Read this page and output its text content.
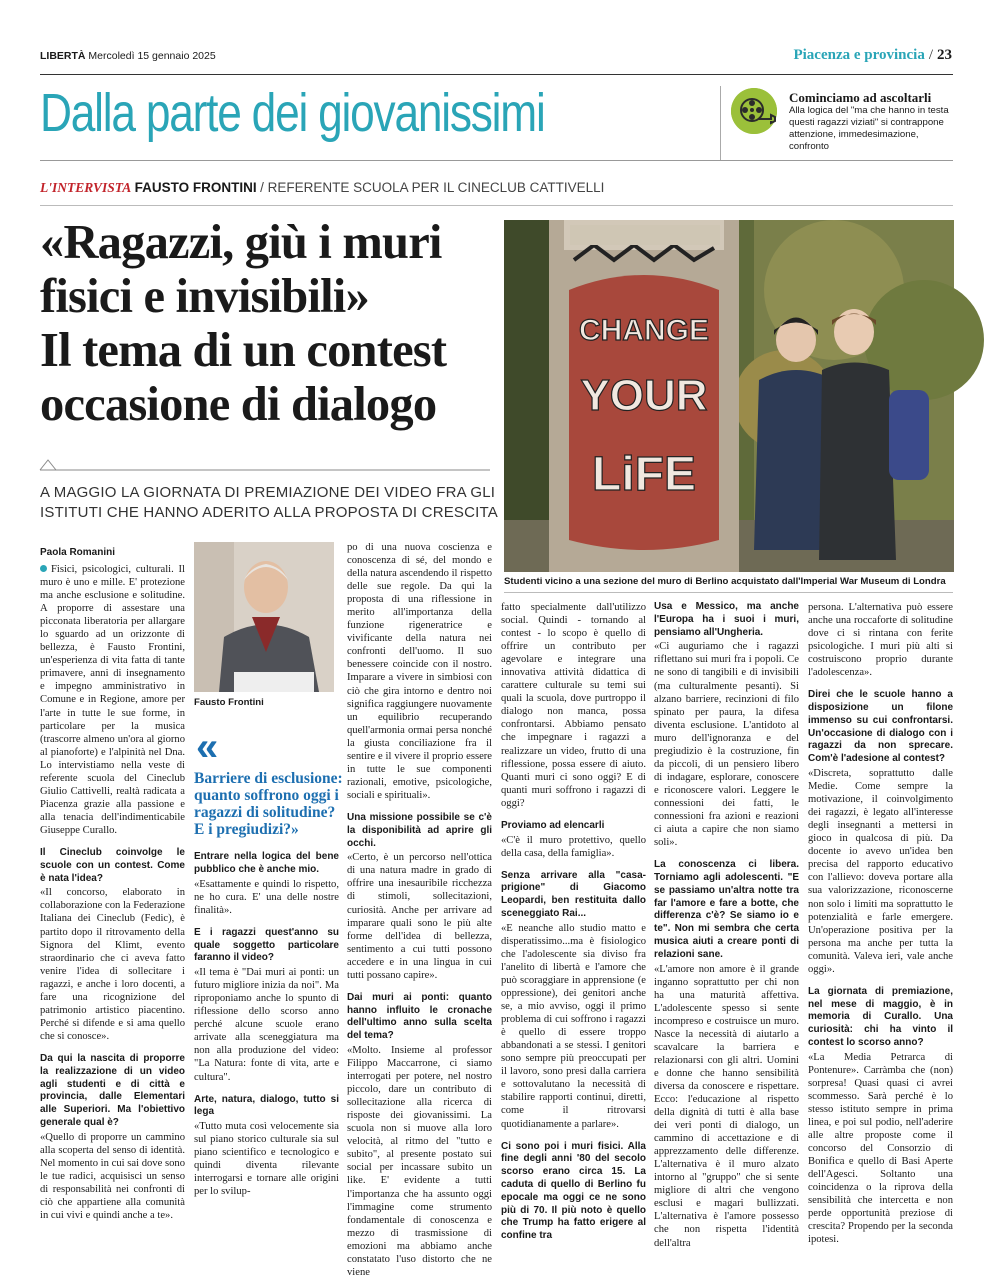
LIBERTÀ Mercoledì 15 gennaio 2025	Piacenza e provincia / 23
Dalla parte dei giovanissimi	Cominciamo ad ascoltarli
Alla logica del "ma che hanno in testa questi ragazzi viziati" si contrappone attenzione, immedesimazione, confronto
L'INTERVISTA FAUSTO FRONTINI / REFERENTE SCUOLA PER IL CINECLUB CATTIVELLI
«Ragazzi, giù i muri
fisici e invisibili»
Il tema di un contest
occasione di dialogo
A MAGGIO LA GIORNATA DI PREMIAZIONE DEI VIDEO FRA GLI ISTITUTI CHE HANNO ADERITO ALLA PROPOSTA DI CRESCITA
CHANGE
YOUR
LiFE
Studenti vicino a una sezione del muro di Berlino acquistato dall'Imperial War Museum di Londra
Fausto Frontini
«
Barriere di esclusione: quanto soffrono oggi i ragazzi di solitudine? E i pregiudizi?»
Paola Romanini

Fisici, psicologici, culturali. Il muro è uno e mille. E' protezione ma anche esclusione e solitudine. A proporre di assestare una picconata liberatoria per allargare lo sguardo ad un orizzonte di bellezza, è Fausto Frontini, un'esperienza di vita fatta di tante primavere, anni di insegnamento e impegno amministrativo in Comune e in Regione, amore per l'arte in tutte le sue forme, in particolare per la musica (trascorre almeno un'ora al giorno al pianoforte) e l'alpinità nel Dna. Lo intervistiamo nella veste di referente scuola del Cineclub Giulio Cattivelli, realtà radicata a Piacenza grazie alla passione e alla tenacia dell'indimenticabile Giuseppe Curallo.

Il Cineclub coinvolge le scuole con un contest. Come è nata l'idea?

«Il concorso, elaborato in collaborazione con la Federazione Italiana dei Cineclub (Fedic), è partito dopo il ritrovamento della Signora del Klimt, evento straordinario che ci aveva fatto venire l'idea di sollecitare i ragazzi, e anche i loro docenti, a fare una ricognizione del patrimonio artistico piacentino. Perché si difende e si ama quello che si conosce».

Da qui la nascita di proporre la realizzazione di un video agli studenti e di città e provincia, dalle Elementari alle Superiori. Ma l'obiettivo generale qual è?

«Quello di proporre un cammino alla scoperta del senso di identità. Nel momento in cui sai dove sono le tue radici, acquisisci un senso di responsabilità nei confronti di ciò che appartiene alla comunità in cui vivi e quindi anche a te».

Entrare nella logica del bene pubblico che è anche mio.

«Esattamente e quindi lo rispetto, ne ho cura. E' una delle nostre finalità».

E i ragazzi quest'anno su quale soggetto particolare faranno il video?

«Il tema è "Dai muri ai ponti: un futuro migliore inizia da noi". Ma riproponiamo anche lo spunto di riflessione dello scorso anno perché alcune scuole erano arrivate alla sceneggiatura ma non alla produzione del video: "La Natura: fonte di vita, arte e cultura".

Arte, natura, dialogo, tutto si lega

«Tutto muta così velocemente sia sul piano storico culturale sia sul piano scientifico e tecnologico e quindi diventa rilevante interrogarsi e tornare alle origini per lo svilup-

po di una nuova coscienza e conoscenza di sé, del mondo e della natura ascendendo il rispetto delle sue regole. Da qui la proposta di una riflessione in merito all'importanza della funzione rigeneratrice e vivificante della natura nei confronti dell'uomo. Il suo benessere coincide con il nostro. Imparare a vivere in simbiosi con ciò che gira intorno e dentro noi significa raggiungere nuovamente un equilibrio recuperando quell'armonia ormai persa nonché la giusta conciliazione fra il sentire e il vivere il proprio essere in tutte le sue componenti razionali, emotive, psicologiche, sociali e spirituali».

Una missione possibile se c'è la disponibilità ad aprire gli occhi.

«Certo, è un percorso nell'ottica di una natura madre in grado di offrire una inesauribile ricchezza di stimoli, sollecitazioni, curiosità. Anche per arrivare ad imparare quali sono le più alte forme dell'idea di bellezza, sentimento a cui tutti possono accedere e in una lingua in cui tutti possano capire».

Dai muri ai ponti: quanto hanno influito le cronache dell'ultimo anno sulla scelta del tema?

«Molto. Insieme al professor Filippo Maccarrone, ci siamo interrogati per potere, nel nostro piccolo, dare un contributo di sollecitazione alla ricerca di risposte dei giovanissimi. La scuola non si muove alla loro velocità, al ritmo del "tutto e subito", al presente postato sui social per incassare subito un like. E' evidente a tutti l'importanza che ha assunto oggi l'immagine come strumento fondamentale di conoscenza e mezzo di trasmissione di emozioni ma abbiamo anche constatato l'uso distorto che ne viene

fatto specialmente dall'utilizzo social. Quindi - tornando al contest - lo scopo è quello di offrire un contributo per agevolare e integrare una innovativa attività didattica di carattere culturale su temi sui quali la scuola, dove purtroppo il dialogo non manca, possa confrontarsi. Abbiamo pensato che impegnare i ragazzi a realizzare un video, frutto di una riflessione, possa essere di aiuto. Quanti muri ci sono oggi? E di quanti muri soffrono i ragazzi di oggi?

Proviamo ad elencarli

«C'è il muro protettivo, quello della casa, della famiglia».

Senza arrivare alla "casa-prigione" di Giacomo Leopardi, ben restituita dallo sceneggiato Rai...

«E neanche allo studio matto e disperatissimo...ma è fisiologico che l'adolescente sia diviso fra l'anelito di libertà e l'amore che può scoraggiare in apprensione (e oppressione), dei genitori anche se, a mio avviso, oggi il primo problema di cui soffrono i ragazzi è quello di essere troppo abbandonati a se stessi. I genitori sono sempre più preoccupati per il lavoro, sono presi dalla carriera e sottovalutano la necessità di stabilire rapporti continui, diretti, come il ritrovarsi quotidianamente a parlare».

Ci sono poi i muri fisici. Alla fine degli anni '80 del secolo scorso erano circa 15. La caduta di quello di Berlino fu epocale ma oggi ce ne sono più di 70. Il più noto è quello che Trump ha fatto erigere al confine tra

Usa e Messico, ma anche l'Europa ha i suoi i muri, pensiamo all'Ungheria.

«Ci auguriamo che i ragazzi riflettano sui muri fra i popoli. Ce ne sono di tangibili e di invisibili (ma culturalmente pesanti). Si alzano barriere, recinzioni di filo spinato per paura, la difesa diventa esclusione. L'antidoto al muro dell'ignoranza e del pregiudizio è la costruzione, fin da piccoli, di un pensiero libero di indagare, esplorare, conoscere e riconoscere valori. Leggere le connessioni dei fatti, le connessioni fra azioni e reazioni ci aiuta a capire che non siamo soli».

La conoscenza ci libera. Torniamo agli adolescenti. "E se passiamo un'altra notte tra far l'amore e fare a botte, che differenza c'è? Se siamo io e te". Non mi sembra che certa musica aiuti a creare ponti di relazioni sane.

«L'amore non amore è il grande inganno soprattutto per chi non ha una maturità affettiva. L'adolescente spesso si sente incompreso e costruisce un muro. Nasce la necessità di aiutarlo a scavalcare la barriera e relazionarsi con gli altri. Uomini e donne che hanno sensibilità diversa da conoscere e rispettare. Ecco: l'educazione al rispetto della dignità di tutti è alla base dei veri ponti di dialogo, un cammino di accettazione e di apprezzamento delle differenze. L'alternativa è il muro alzato intorno al "gruppo" che si sente migliore di altri che vengono esclusi e magari bullizzati. L'alternativa è l'amore possesso che non rispetta l'identità dell'altra

persona. L'alternativa può essere anche una roccaforte di solitudine dove ci si rintana con ferite psicologiche. I muri più alti si costruiscono proprio durante l'adolescenza».

Direi che le scuole hanno a disposizione un filone immenso su cui confrontarsi. Un'occasione di dialogo con i ragazzi da non sprecare. Com'è l'adesione al contest?

«Discreta, soprattutto dalle Medie. Come sempre la motivazione, il coinvolgimento dei ragazzi, è legato all'interesse degli insegnanti a mettersi in gioco in qualcosa di più. Da docente io avevo un'idea ben precisa del rapporto educativo con l'allievo: doveva portare alla sua valorizzazione, riconoscerne non solo i limiti ma soprattutto le potenzialità e farle emergere. Un'operazione positiva per la persona ma anche per tutta la comunità. Valeva ieri, vale anche oggi».

La giornata di premiazione, nel mese di maggio, è in memoria di Curallo. Una curiosità: chi ha vinto il contest lo scorso anno?

«La Media Petrarca di Pontenure». Carràmba che (non) sorpresa! Quasi quasi ci avrei scommesso. Sarà perché è lo stesso istituto sempre in prima linea, e poi sul podio, nell'aderire alle altre proposte come il concorso del Consorzio di Bonifica e quello di Basi Aperte dell'Agesci. Soltanto una coincidenza o la riprova della sensibilità che intercetta e non perde opportunità preziose di crescita? Propendo per la seconda ipotesi.
